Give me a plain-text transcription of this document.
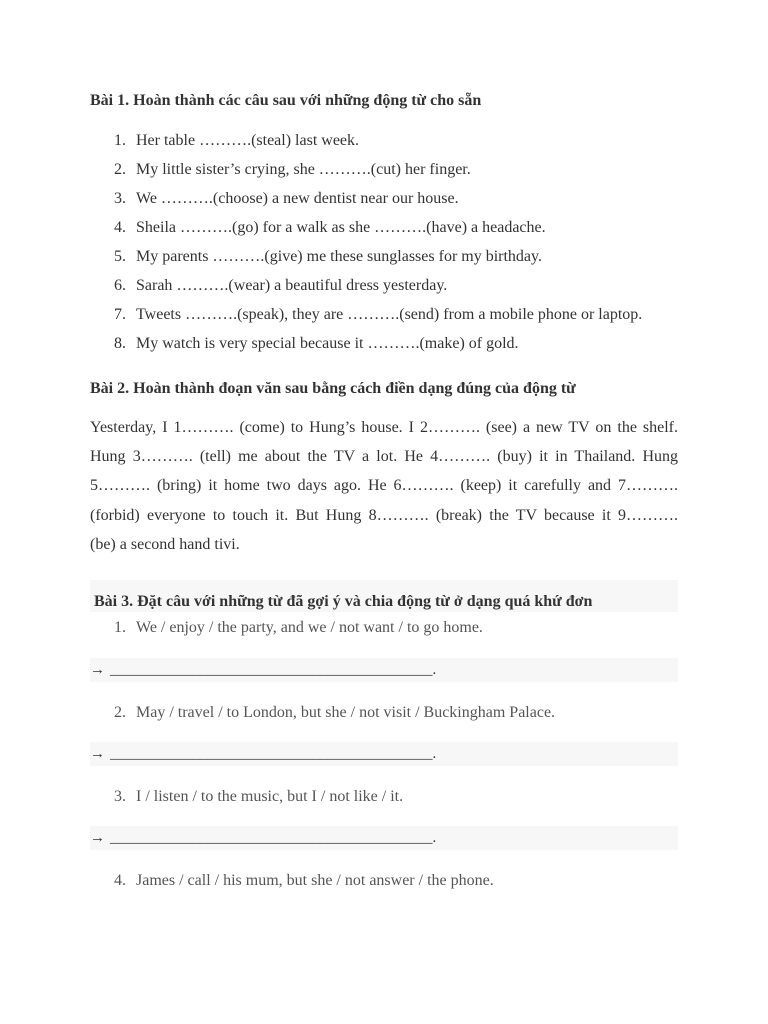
Bài 1. Hoàn thành các câu sau với những động từ cho sẵn
1. Her table ……….(steal) last week.
2. My little sister’s crying, she ……….(cut) her finger.
3. We ……….(choose) a new dentist near our house.
4. Sheila ……….(go) for a walk as she ……….(have) a headache.
5. My parents ……….(give) me these sunglasses for my birthday.
6. Sarah ……….(wear) a beautiful dress yesterday.
7. Tweets ……….(speak), they are ……….(send) from a mobile phone or laptop.
8. My watch is very special because it ……….(make) of gold.
Bài 2. Hoàn thành đoạn văn sau bằng cách điền dạng đúng của động từ
Yesterday, I 1………. (come) to Hung’s house. I 2………. (see) a new TV on the shelf.
Hung 3………. (tell) me about the TV a lot. He 4………. (buy) it in Thailand. Hung
5………. (bring) it home two days ago. He 6………. (keep) it carefully and 7……….
(forbid) everyone to touch it. But Hung 8………. (break) the TV because it 9……….
(be) a second hand tivi.
Bài 3. Đặt câu với những từ đã gợi ý và chia động từ ở dạng quá khứ đơn
1. We / enjoy / the party, and we / not want / to go home.
→ ___________________________________________.
2. May / travel / to London, but she / not visit / Buckingham Palace.
→ ___________________________________________.
3. I / listen / to the music, but I / not like / it.
→ ___________________________________________.
4. James / call / his mum, but she / not answer / the phone.
